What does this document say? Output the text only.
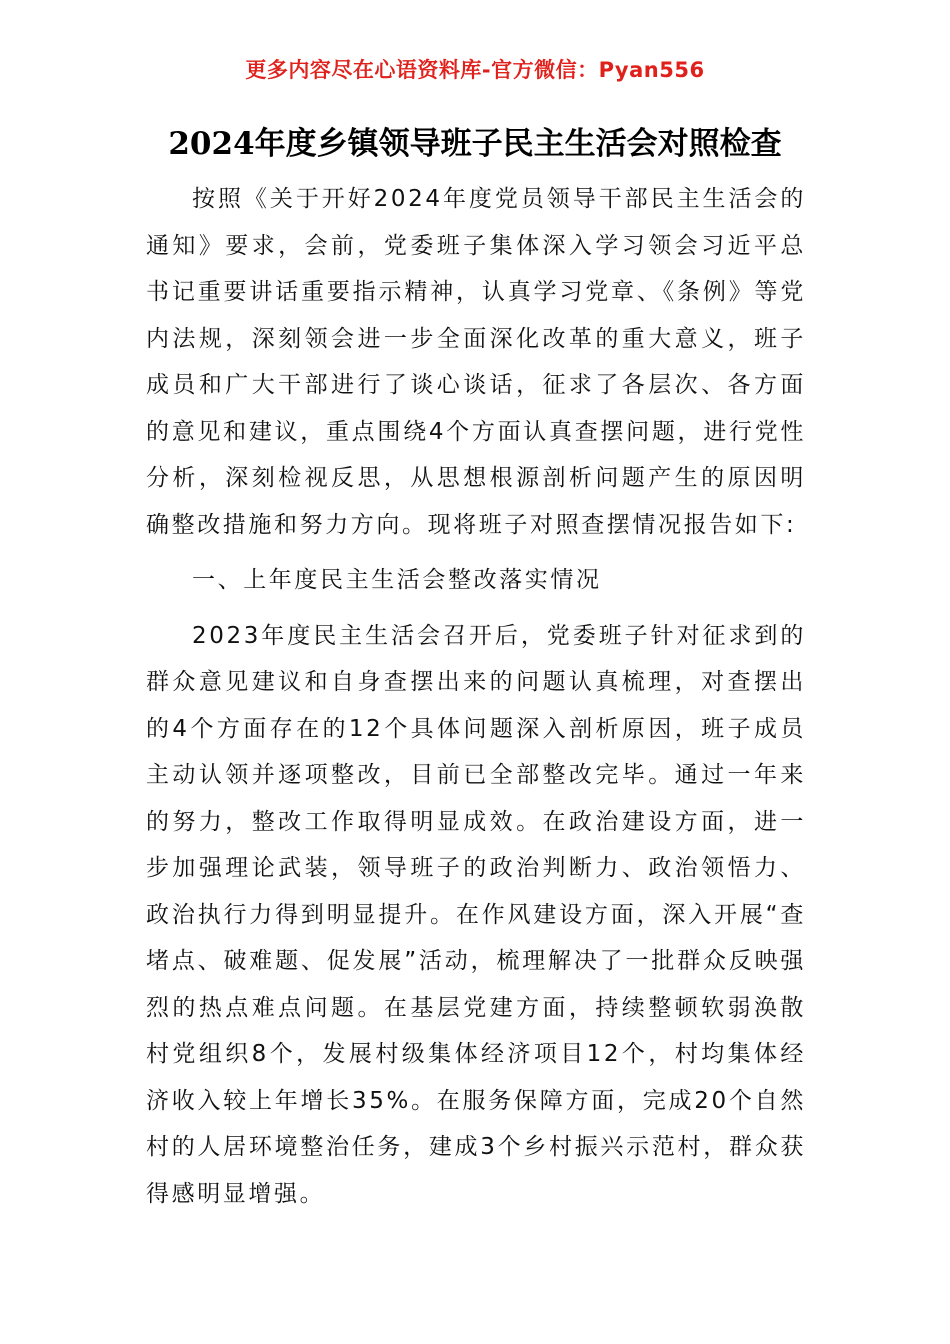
更多内容尽在心语资料库-官方微信：Pyan556
2024年度乡镇领导班子民主生活会对照检查

按照《关于开好2024年度党员领导干部民主生活会的通知》要求，会前，党委班子集体深入学习领会习近平总书记重要讲话重要指示精神，认真学习党章、《条例》等党内法规，深刻领会进一步全面深化改革的重大意义，班子成员和广大干部进行了谈心谈话，征求了各层次、各方面的意见和建议，重点围绕4个方面认真查摆问题，进行党性分析，深刻检视反思，从思想根源剖析问题产生的原因明确整改措施和努力方向。现将班子对照查摆情况报告如下:

一、上年度民主生活会整改落实情况

2023年度民主生活会召开后，党委班子针对征求到的群众意见建议和自身查摆出来的问题认真梳理，对查摆出的4个方面存在的12个具体问题深入剖析原因，班子成员主动认领并逐项整改，目前已全部整改完毕。通过一年来的努力，整改工作取得明显成效。在政治建设方面，进一步加强理论武装，领导班子的政治判断力、政治领悟力、政治执行力得到明显提升。在作风建设方面，深入开展“查堵点、破难题、促发展”活动，梳理解决了一批群众反映强烈的热点难点问题。在基层党建方面，持续整顿软弱涣散村党组织8个，发展村级集体经济项目12个，村均集体经济收入较上年增长35%。在服务保障方面，完成20个自然村的人居环境整治任务，建成3个乡村振兴示范村，群众获得感明显增强。
